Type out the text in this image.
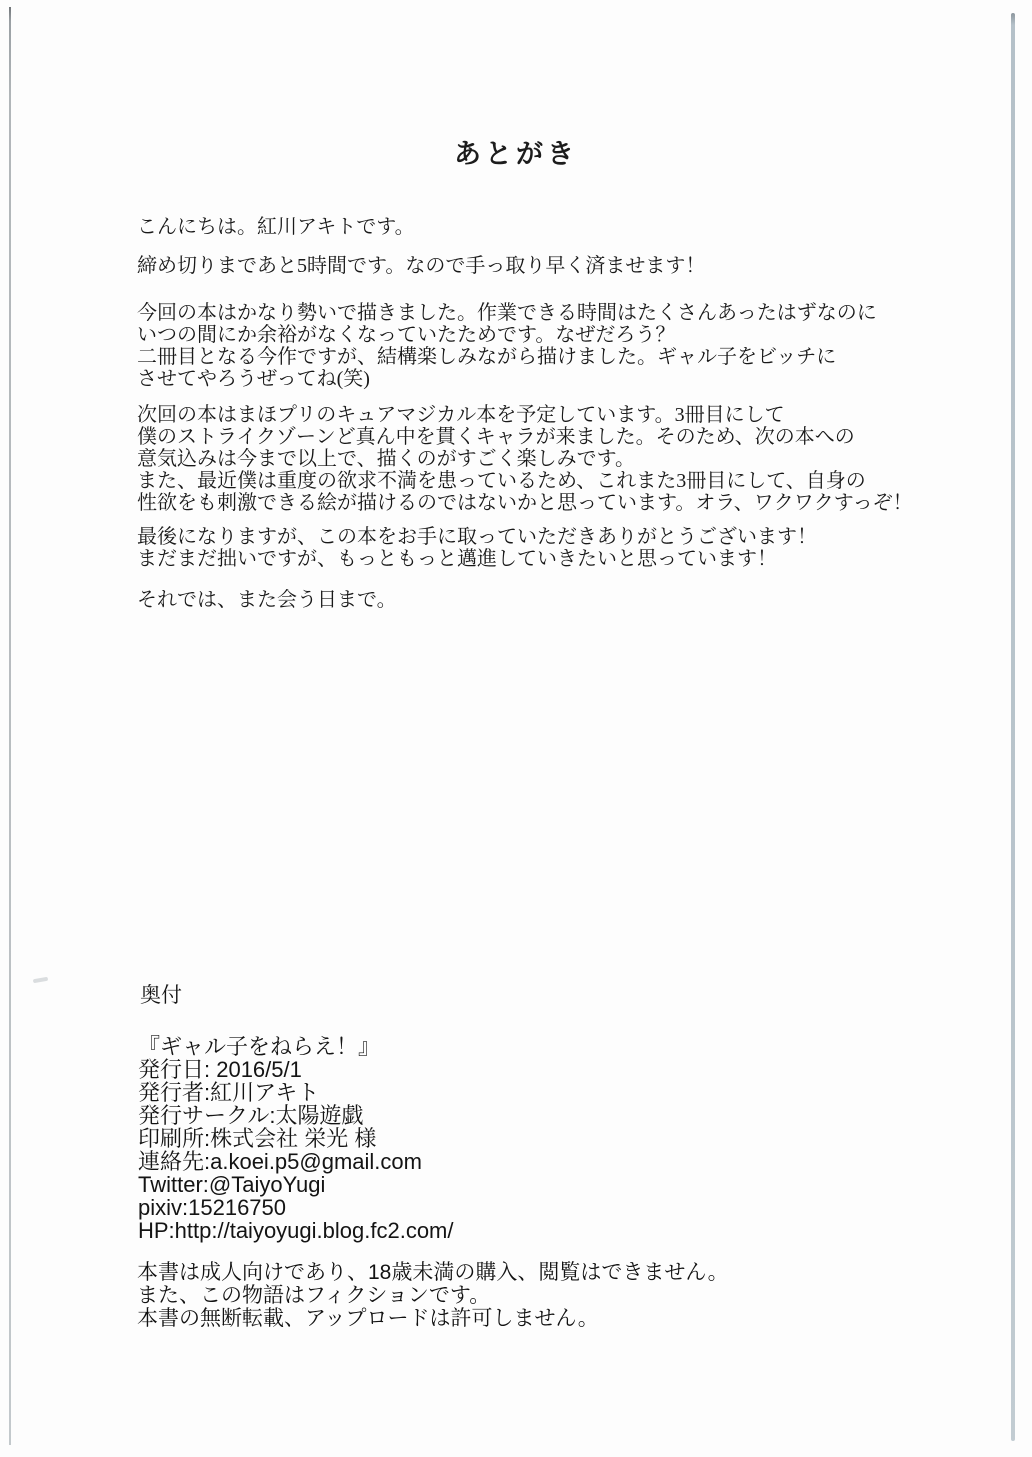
あとがき
こんにちは。紅川アキトです。
締め切りまであと5時間です。なので手っ取り早く済ませます！
今回の本はかなり勢いで描きました。作業できる時間はたくさんあったはずなのに
いつの間にか余裕がなくなっていたためです。なぜだろう？
二冊目となる今作ですが、結構楽しみながら描けました。ギャル子をビッチに
させてやろうぜってね(笑)
次回の本はまほプリのキュアマジカル本を予定しています。3冊目にして
僕のストライクゾーンど真ん中を貫くキャラが来ました。そのため、次の本への
意気込みは今まで以上で、描くのがすごく楽しみです。
また、最近僕は重度の欲求不満を患っているため、これまた3冊目にして、自身の
性欲をも刺激できる絵が描けるのではないかと思っています。オラ、ワクワクすっぞ！
最後になりますが、この本をお手に取っていただきありがとうございます！
まだまだ拙いですが、もっともっと邁進していきたいと思っています！
それでは、また会う日まで。
奥付
『ギャル子をねらえ！』
発行日: 2016/5/1
発行者:紅川アキト
発行サークル:太陽遊戯
印刷所:株式会社 栄光 様
連絡先:a.koei.p5@gmail.com
Twitter:@TaiyoYugi
pixiv:15216750
HP:http://taiyoyugi.blog.fc2.com/
本書は成人向けであり、18歳未満の購入、閲覧はできません。
また、この物語はフィクションです。
本書の無断転載、アップロードは許可しません。
